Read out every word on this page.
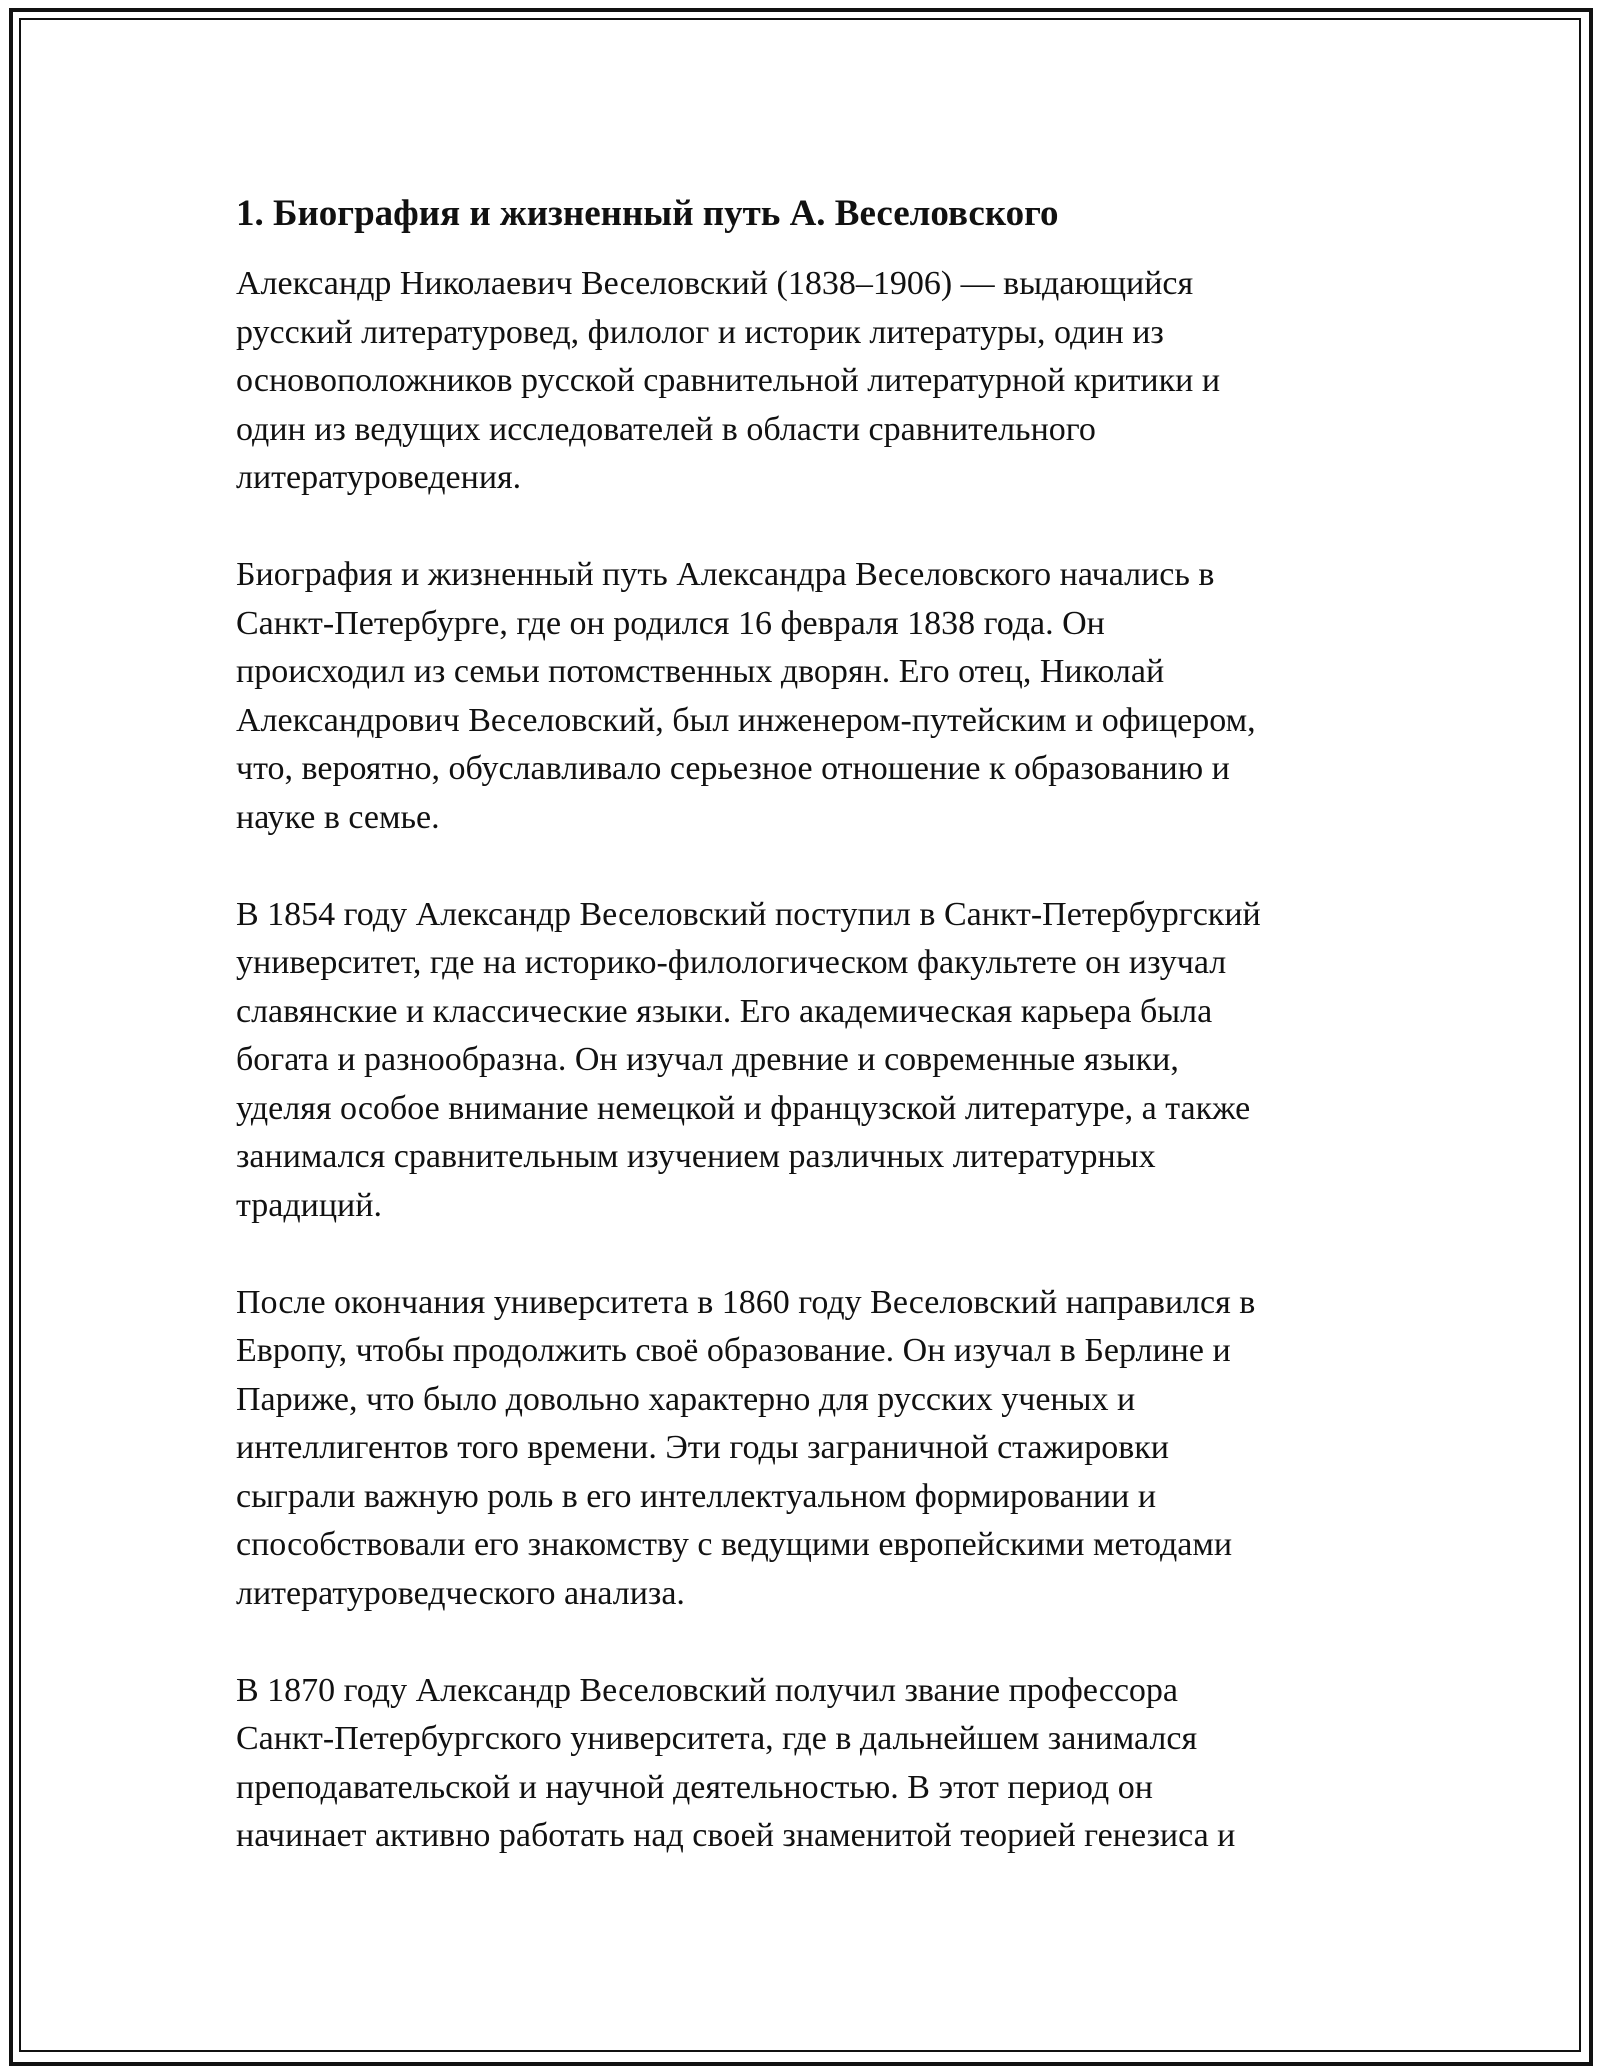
1. Биография и жизненный путь А. Веселовского

Александр Николаевич Веселовский (1838–1906) — выдающийся
русский литературовед, филолог и историк литературы, один из
основоположников русской сравнительной литературной критики и
один из ведущих исследователей в области сравнительного
литературоведения.

Биография и жизненный путь Александра Веселовского начались в
Санкт-Петербурге, где он родился 16 февраля 1838 года. Он
происходил из семьи потомственных дворян. Его отец, Николай
Александрович Веселовский, был инженером-путейским и офицером,
что, вероятно, обуславливало серьезное отношение к образованию и
науке в семье.

В 1854 году Александр Веселовский поступил в Санкт-Петербургский
университет, где на историко-филологическом факультете он изучал
славянские и классические языки. Его академическая карьера была
богата и разнообразна. Он изучал древние и современные языки,
уделяя особое внимание немецкой и французской литературе, а также
занимался сравнительным изучением различных литературных
традиций.

После окончания университета в 1860 году Веселовский направился в
Европу, чтобы продолжить своё образование. Он изучал в Берлине и
Париже, что было довольно характерно для русских ученых и
интеллигентов того времени. Эти годы заграничной стажировки
сыграли важную роль в его интеллектуальном формировании и
способствовали его знакомству с ведущими европейскими методами
литературоведческого анализа.

В 1870 году Александр Веселовский получил звание профессора
Санкт-Петербургского университета, где в дальнейшем занимался
преподавательской и научной деятельностью. В этот период он
начинает активно работать над своей знаменитой теорией генезиса и
